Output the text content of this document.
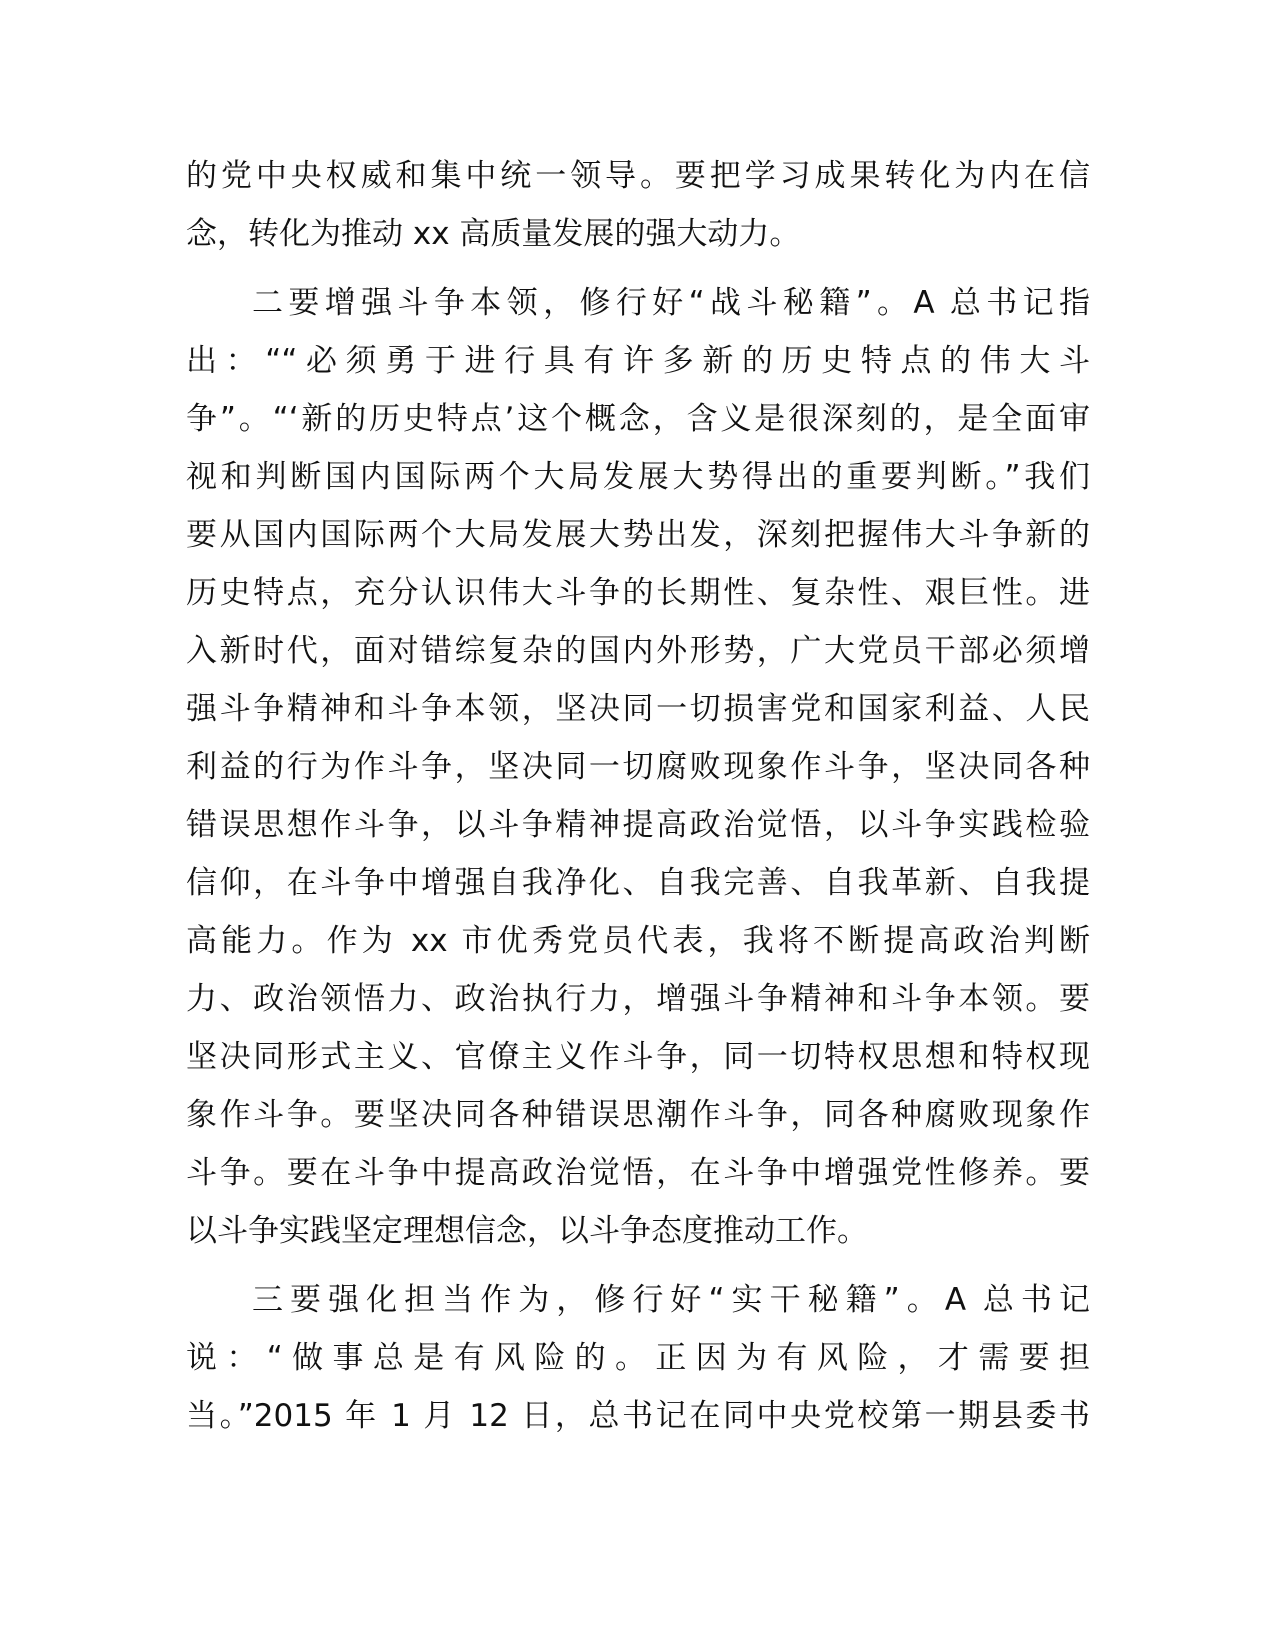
的党中央权威和集中统一领导。要把学习成果转化为内在信
念，转化为推动 xx 高质量发展的强大动力。
二要增强斗争本领，修行好“战斗秘籍”。A 总书记指
出：““必须勇于进行具有许多新的历史特点的伟大斗
争”。“‘新的历史特点’这个概念，含义是很深刻的，是全面审
视和判断国内国际两个大局发展大势得出的重要判断。”我们
要从国内国际两个大局发展大势出发，深刻把握伟大斗争新的
历史特点，充分认识伟大斗争的长期性、复杂性、艰巨性。进
入新时代，面对错综复杂的国内外形势，广大党员干部必须增
强斗争精神和斗争本领，坚决同一切损害党和国家利益、人民
利益的行为作斗争，坚决同一切腐败现象作斗争，坚决同各种
错误思想作斗争，以斗争精神提高政治觉悟，以斗争实践检验
信仰，在斗争中增强自我净化、自我完善、自我革新、自我提
高能力。作为 xx 市优秀党员代表，我将不断提高政治判断
力、政治领悟力、政治执行力，增强斗争精神和斗争本领。要
坚决同形式主义、官僚主义作斗争，同一切特权思想和特权现
象作斗争。要坚决同各种错误思潮作斗争，同各种腐败现象作
斗争。要在斗争中提高政治觉悟，在斗争中增强党性修养。要
以斗争实践坚定理想信念，以斗争态度推动工作。
三要强化担当作为，修行好“实干秘籍”。A 总书记
说：“做事总是有风险的。正因为有风险，才需要担
当。”2015 年 1 月 12 日，总书记在同中央党校第一期县委书
